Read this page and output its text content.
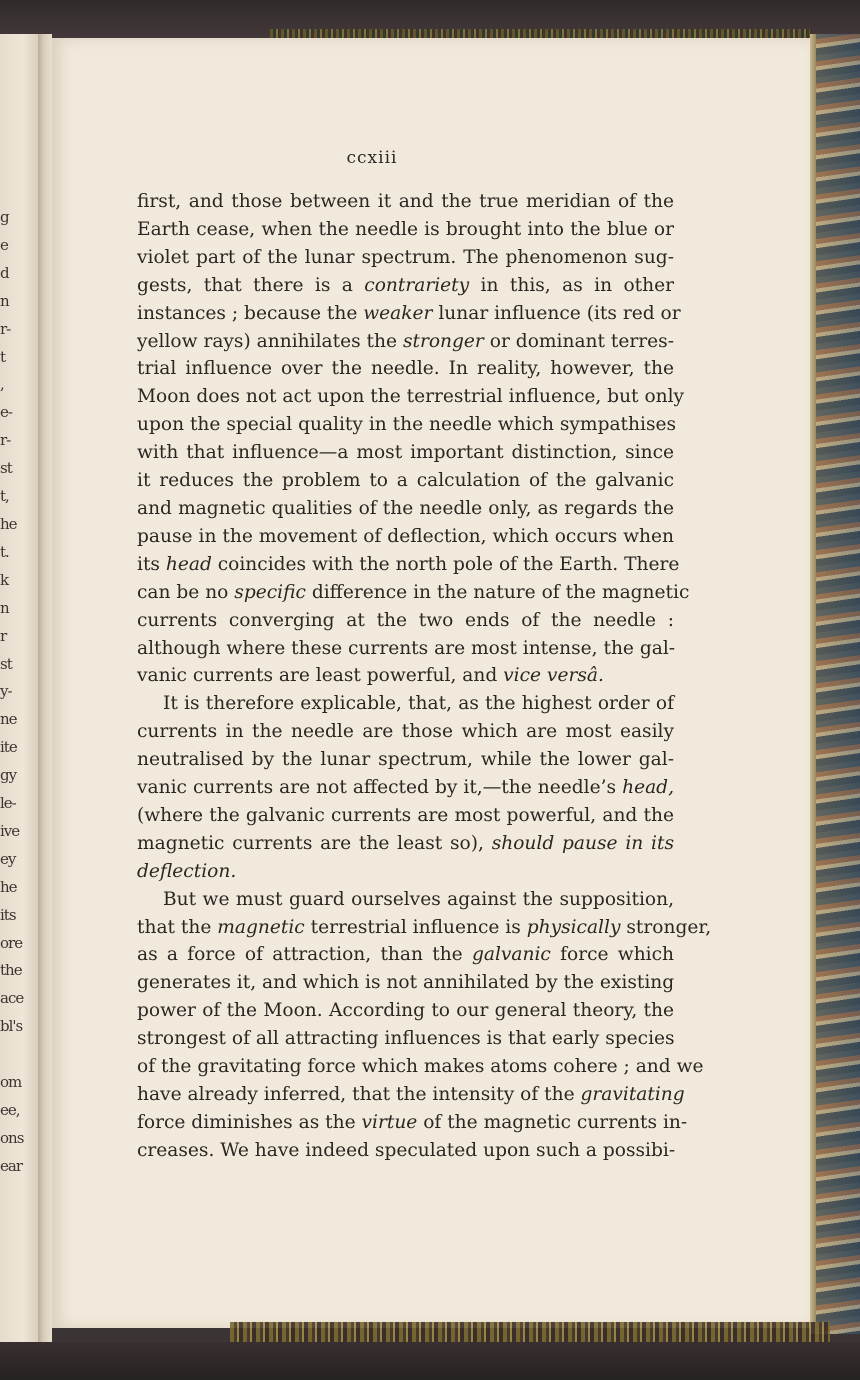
g
e
d
n
r-
t
,
e-
r-
st
t,
he
t.
k
n
r
st
y-
ne
ite
gy
le-
ive
ey
he
its
ore
the
ace
bl's

om
ee,
ons
ear
ccxiii
first, and those between it and the true meridian of the
Earth cease, when the needle is brought into the blue or
violet part of the lunar spectrum. The phenomenon sug-
gests, that there is a contrariety in this, as in other
instances ; because the weaker lunar influence (its red or
yellow rays) annihilates the stronger or dominant terres-
trial influence over the needle. In reality, however, the
Moon does not act upon the terrestrial influence, but only
upon the special quality in the needle which sympathises
with that influence—a most important distinction, since
it reduces the problem to a calculation of the galvanic
and magnetic qualities of the needle only, as regards the
pause in the movement of deflection, which occurs when
its head coincides with the north pole of the Earth. There
can be no specific difference in the nature of the magnetic
currents converging at the two ends of the needle :
although where these currents are most intense, the gal-
vanic currents are least powerful, and vice versâ.
It is therefore explicable, that, as the highest order of
currents in the needle are those which are most easily
neutralised by the lunar spectrum, while the lower gal-
vanic currents are not affected by it,—the needle’s head,
(where the galvanic currents are most powerful, and the
magnetic currents are the least so), should pause in its
deflection.
But we must guard ourselves against the supposition,
that the magnetic terrestrial influence is physically stronger,
as a force of attraction, than the galvanic force which
generates it, and which is not annihilated by the existing
power of the Moon. According to our general theory, the
strongest of all attracting influences is that early species
of the gravitating force which makes atoms cohere ; and we
have already inferred, that the intensity of the gravitating
force diminishes as the virtue of the magnetic currents in-
creases. We have indeed speculated upon such a possibi-
